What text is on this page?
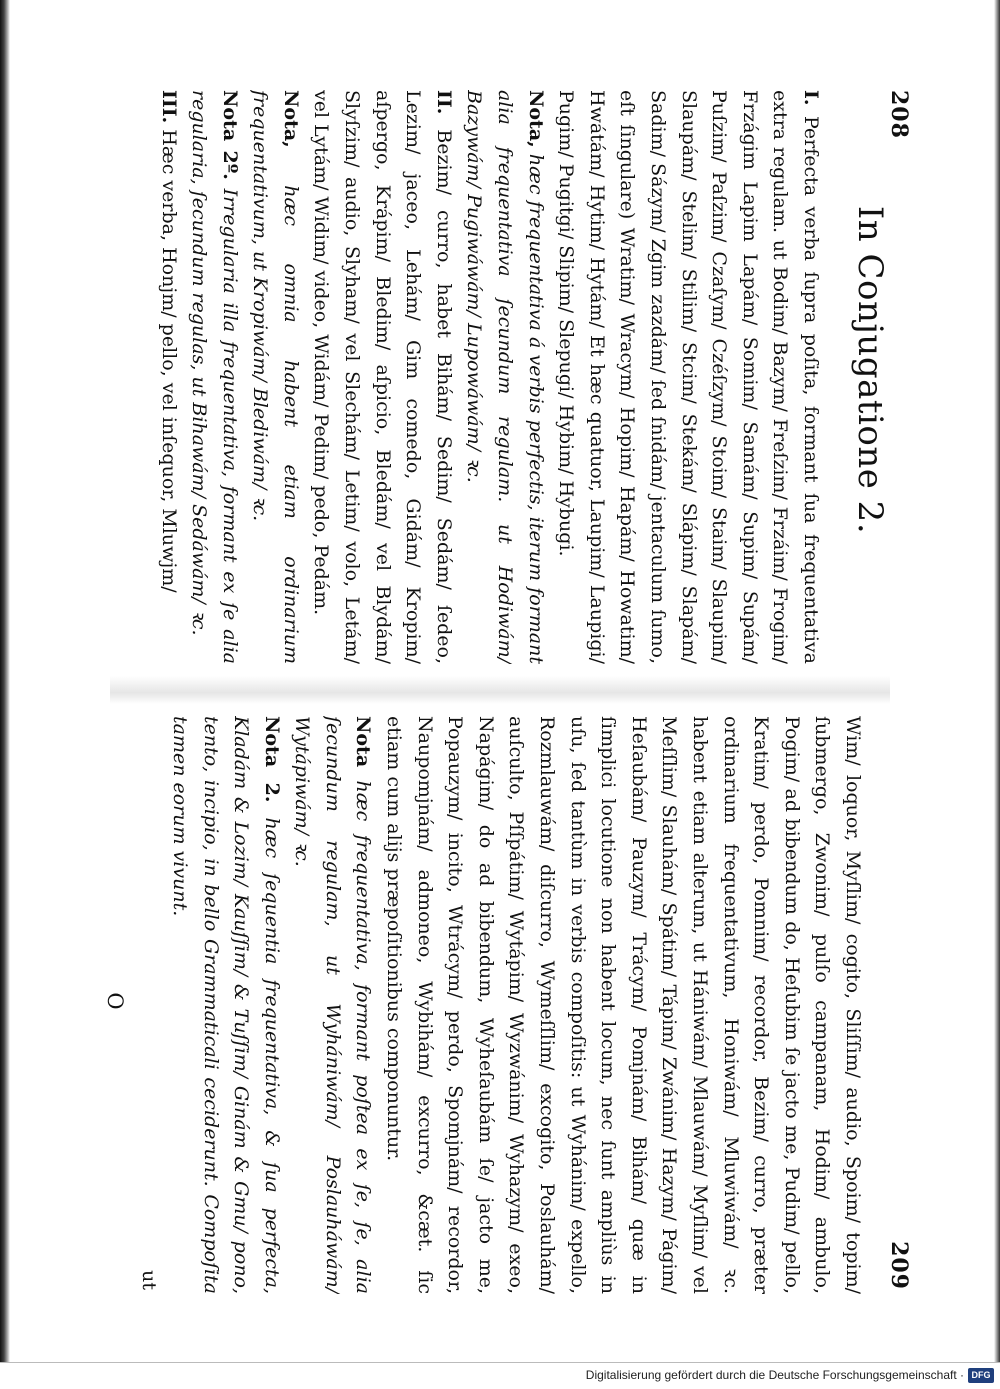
208
In Conjugatione 2.

I. Perfecta verba ſupra poſita, formant ſua frequentativa extra regulam. ut Bodim/ Bazym/ Freſzim/ Frzáim/ Frogim/ Frzágim Lapim Lapám/ Somim/ Samám/ Supim/ Supám/ Puſzim/ Paſzim/ Czaſym/ Czéſzym/ Stoim/ Staim/ Slaupim/ Slaupám/ Stelim/ Stilim/ Stcim/ Stekám/ Slápim/ Slapám/ Sadim/ Sázym/ Zgim zazdám/ ſed ſnidám/ jentaculum ſumo, eſt ſingulare) Wratim/ Wracym/ Hopim/ Hapám/ Howatim/ Hwátám/ Hytim/ Hytám/ Et hæc quatuor, Laupim/ Laupigi/ Pugim/ Pugitgi/ Slipim/ Slepugi/ Hybim/ Hybugi.

Nota, hæc frequentativa á verbis perfectis, iterum formant alia frequentativa ſecundum regulam. ut Hodiwám/ Bazywám/ Pugiwáwám/ Lupowáwám/ ꝛc.

II. Bezim/ curro, habet Bihám/ Sedim/ Sedám/ ſedeo, Lezim/ jaceo, Lehám/ Gim comedo, Gidám/ Kropim/ aſpergo, Krápim/ Bledim/ aſpicio, Bledám/ vel Blydám/ Slyſzim/ audio, Slyham/ vel Slechám/ Letim/ volo, Letám/ vel Lytám/ Widim/ video, Widám/ Pedim/ pedo, Pedám.

Nota, hæc omnia habent etiam ordinarium frequentativum, ut Kropiwám/ Blediwám/ ꝛc.

Nota 2º. Irregularia illa frequentativa, formant ex ſe alia regularia, ſecundum regulas, ut Bihawám/ Sedáwám/ ꝛc.

III. Hæc verba, Honjm/ pello, vel inſequor, Mluwjm/

209

Wim/ loquor, Myſlim/ cogito, Sliſſim/ audio, Spoim/ topim/ ſubmergo, Zwonim/ pulſo campanam, Hodim/ ambulo, Pogim/ ad bibendum do, Heſubim ſe jacto me, Pudim/ pello, Kratim/ perdo, Pomnim/ recordor, Bezim/ curro, præter ordinarium frequentativum, Honiwám/ Mluwiwám/ ꝛc. habent etiam alterum, ut Hániwám/ Mlauwám/ Myſlim/ vel Meſſlim/ Slauhám/ Spátim/ Tápim/ Zwánim/ Hazym/ Págim/ Heſaubám/ Pauzym/ Trácym/ Pomjnám/ Bihám/ quæ in ſimplici locutione non habent locum, nec ſunt ampliùs in uſu, ſed tantùm in verbis compoſitis: ut Wyhánim/ expello, Rozmlauwám/ diſcurro, Wymeſſlim/ excogito, Poslauhám/ auſculto, Pſſpátim/ Wytápim/ Wyzwánim/ Wyhazym/ exeo, Napágim/ do ad bibendum, Wyheſaubám ſe/ jacto me, Popauzym/ incito, Wtrácym/ perdo, Spomjnám/ recordor, Naupomjnám/ admoneo, Wybihám/ excurro, &cæt. ſic etiam cum alijs præpoſitionibus componuntur.

Nota hæc frequentativa, formant poſtea ex ſe, ſe, alia ſecundum regulam, ut Wyhániwám/ Poslauháwám/ Wytápiwám/ ꝛc.

Nota 2. hæc ſequentia frequentativa, & ſua perfecta, Kladám & Lozim/ Kauſſim/ & Tuſſim/ Ginám & Gmu/ pono, tento, incipio, in bello Grammaticali ceciderunt. Compoſita tamen eorum vivunt.

ut
O
Digitalisierung gefördert durch die Deutsche Forschungsgemeinschaft · DFG
